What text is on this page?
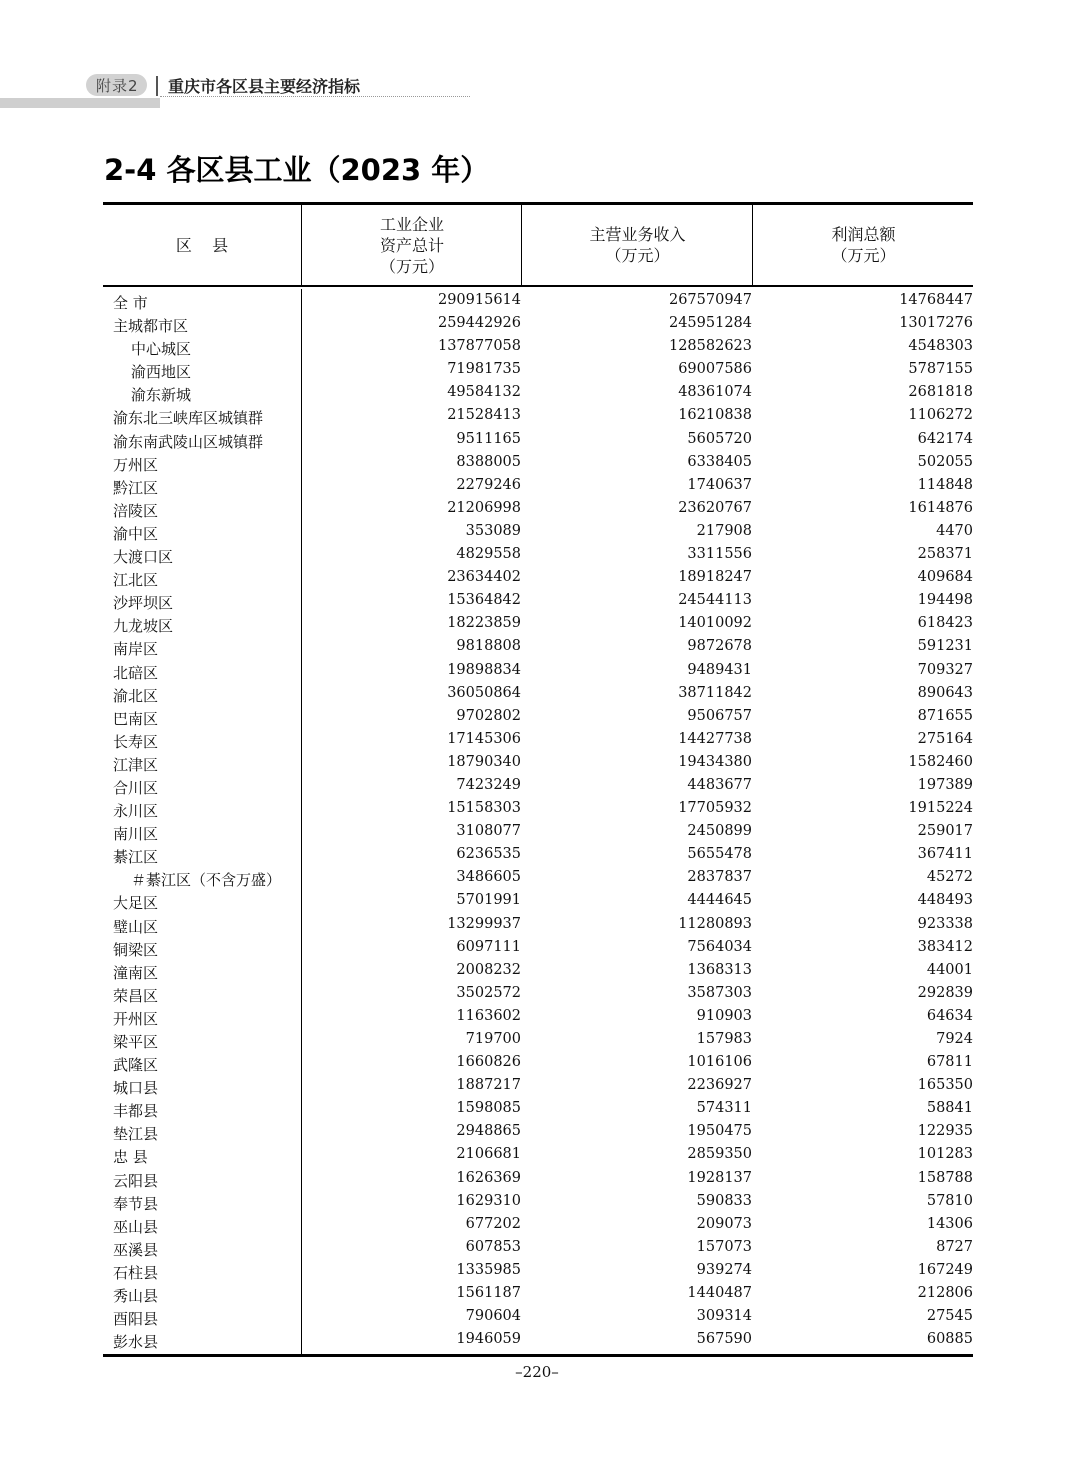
附录2	重庆市各区县主要经济指标
2-4 各区县工业（2023 年）
区    县
工业企业
资产总计
（万元）
主营业务收入
（万元）
利润总额
（万元）
全 市	290915614	267570947	14768447
主城都市区	259442926	245951284	13017276
中心城区	137877058	128582623	4548303
渝西地区	71981735	69007586	5787155
渝东新城	49584132	48361074	2681818
渝东北三峡库区城镇群	21528413	16210838	1106272
渝东南武陵山区城镇群	9511165	5605720	642174
万州区	8388005	6338405	502055
黔江区	2279246	1740637	114848
涪陵区	21206998	23620767	1614876
渝中区	353089	217908	4470
大渡口区	4829558	3311556	258371
江北区	23634402	18918247	409684
沙坪坝区	15364842	24544113	194498
九龙坡区	18223859	14010092	618423
南岸区	9818808	9872678	591231
北碚区	19898834	9489431	709327
渝北区	36050864	38711842	890643
巴南区	9702802	9506757	871655
长寿区	17145306	14427738	275164
江津区	18790340	19434380	1582460
合川区	7423249	4483677	197389
永川区	15158303	17705932	1915224
南川区	3108077	2450899	259017
綦江区	6236535	5655478	367411
＃綦江区（不含万盛）	3486605	2837837	45272
大足区	5701991	4444645	448493
璧山区	13299937	11280893	923338
铜梁区	6097111	7564034	383412
潼南区	2008232	1368313	44001
荣昌区	3502572	3587303	292839
开州区	1163602	910903	64634
梁平区	719700	157983	7924
武隆区	1660826	1016106	67811
城口县	1887217	2236927	165350
丰都县	1598085	574311	58841
垫江县	2948865	1950475	122935
忠 县	2106681	2859350	101283
云阳县	1626369	1928137	158788
奉节县	1629310	590833	57810
巫山县	677202	209073	14306
巫溪县	607853	157073	8727
石柱县	1335985	939274	167249
秀山县	1561187	1440487	212806
酉阳县	790604	309314	27545
彭水县	1946059	567590	60885
–220–
